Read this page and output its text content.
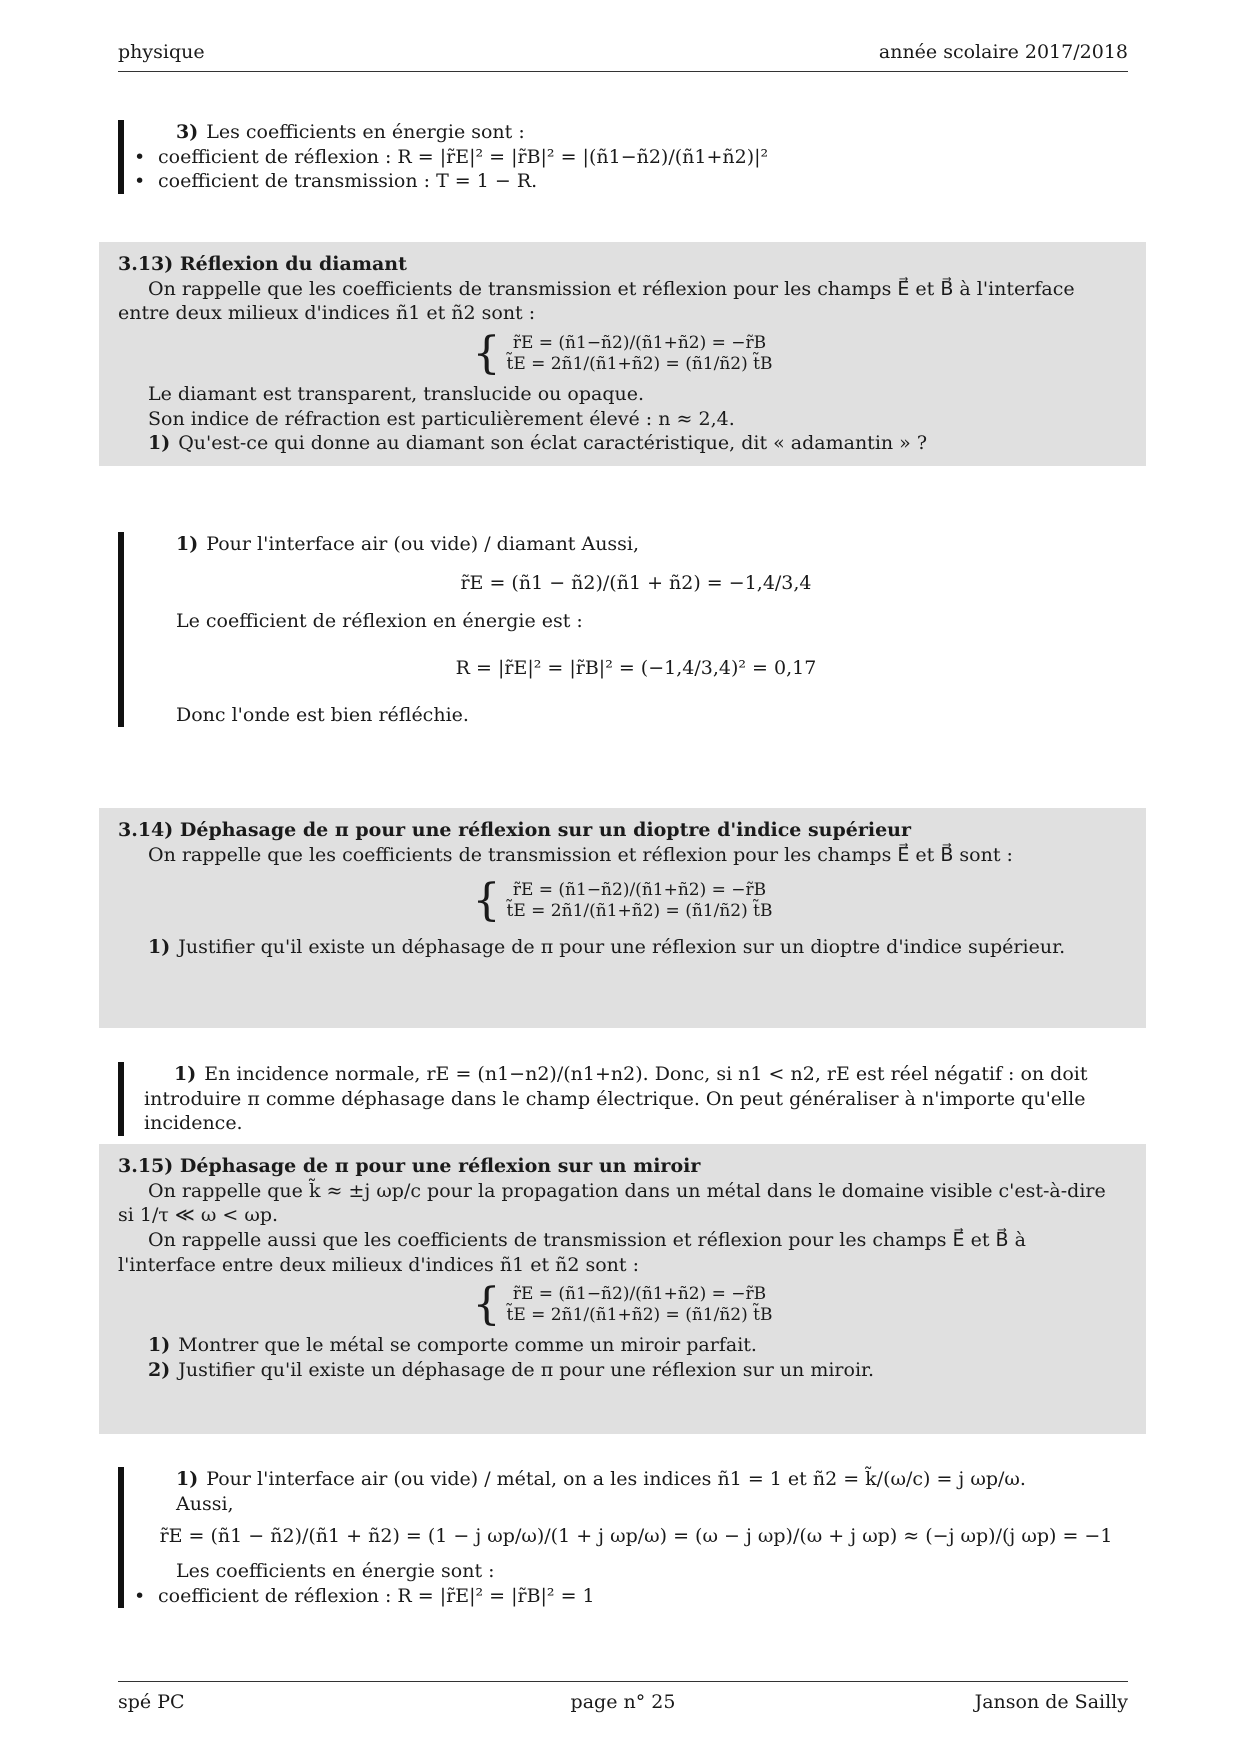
physique	année scolaire 2017/2018
3) Les coefficients en énergie sont :
• coefficient de réflexion : R = |r̃E|² = |r̃B|² = |(ñ1−ñ2)/(ñ1+ñ2)|²
• coefficient de transmission : T = 1 − R.
3.13) Réflexion du diamant
On rappelle que les coefficients de transmission et réflexion pour les champs E⃗ et B⃗ à l'interface entre deux milieux d'indices ñ1 et ñ2 sont :
{ r̃E = (ñ1−ñ2)/(ñ1+ñ2) = −r̃B
t̃E = 2ñ1/(ñ1+ñ2) = (ñ1/ñ2) t̃B
Le diamant est transparent, translucide ou opaque.
Son indice de réfraction est particulièrement élevé : n ≈ 2,4.
1) Qu'est-ce qui donne au diamant son éclat caractéristique, dit « adamantin » ?
1) Pour l'interface air (ou vide) / diamant Aussi,
r̃E = (ñ1 − ñ2)/(ñ1 + ñ2) = −1,4/3,4
Le coefficient de réflexion en énergie est :
R = |r̃E|² = |r̃B|² = (−1,4/3,4)² = 0,17
Donc l'onde est bien réfléchie.
3.14) Déphasage de π pour une réflexion sur un dioptre d'indice supérieur
On rappelle que les coefficients de transmission et réflexion pour les champs E⃗ et B⃗ sont :
{ r̃E = (ñ1−ñ2)/(ñ1+ñ2) = −r̃B
t̃E = 2ñ1/(ñ1+ñ2) = (ñ1/ñ2) t̃B
1) Justifier qu'il existe un déphasage de π pour une réflexion sur un dioptre d'indice supérieur.
1) En incidence normale, rE = (n1−n2)/(n1+n2). Donc, si n1 < n2, rE est réel négatif : on doit introduire π comme déphasage dans le champ électrique. On peut généraliser à n'importe qu'elle incidence.
3.15) Déphasage de π pour une réflexion sur un miroir
On rappelle que k̃ ≈ ±j ωp/c pour la propagation dans un métal dans le domaine visible c'est-à-dire si 1/τ ≪ ω < ωp.
On rappelle aussi que les coefficients de transmission et réflexion pour les champs E⃗ et B⃗ à l'interface entre deux milieux d'indices ñ1 et ñ2 sont :
{ r̃E = (ñ1−ñ2)/(ñ1+ñ2) = −r̃B
t̃E = 2ñ1/(ñ1+ñ2) = (ñ1/ñ2) t̃B
1) Montrer que le métal se comporte comme un miroir parfait.
2) Justifier qu'il existe un déphasage de π pour une réflexion sur un miroir.
1) Pour l'interface air (ou vide) / métal, on a les indices ñ1 = 1 et ñ2 = k̃/(ω/c) = j ωp/ω.
Aussi,
r̃E = (ñ1 − ñ2)/(ñ1 + ñ2) = (1 − j ωp/ω)/(1 + j ωp/ω) = (ω − j ωp)/(ω + j ωp) ≈ (−j ωp)/(j ωp) = −1
Les coefficients en énergie sont :
• coefficient de réflexion : R = |r̃E|² = |r̃B|² = 1
spé PC	page n° 25	Janson de Sailly
